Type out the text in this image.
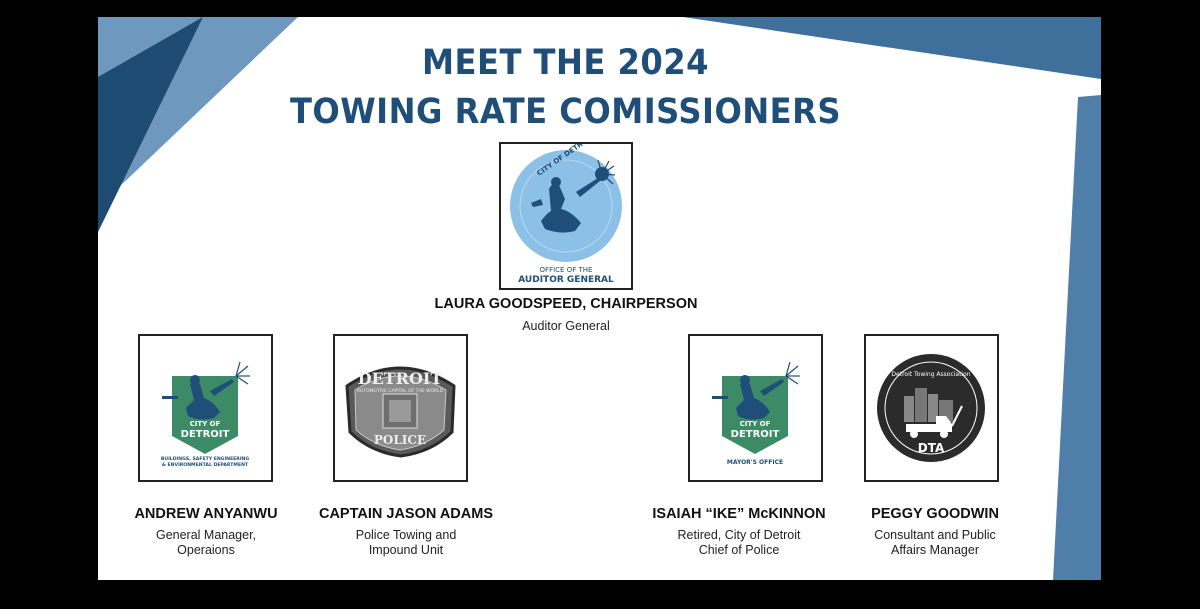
MEET THE 2024
TOWING RATE COMISSIONERS
OFFICE OF THE
AUDITOR GENERAL
LAURA GOODSPEED, CHAIRPERSON
Auditor General
CITY OF
DETROIT
BUILDINGS, SAFETY ENGINEERING
& ENVIRONMENTAL DEPARTMENT
DETROIT
POLICE
AUTOMOTIVE CAPITAL OF THE WORLD
CITY OF
DETROIT
MAYOR'S OFFICE
DTA
Detroit Towing Association
ANDREW ANYANWU
General Manager,
Operaions
CAPTAIN JASON ADAMS
Police Towing and
Impound Unit
ISAIAH “IKE” McKINNON
Retired, City of Detroit
Chief of Police
PEGGY GOODWIN
Consultant and Public
Affairs Manager
